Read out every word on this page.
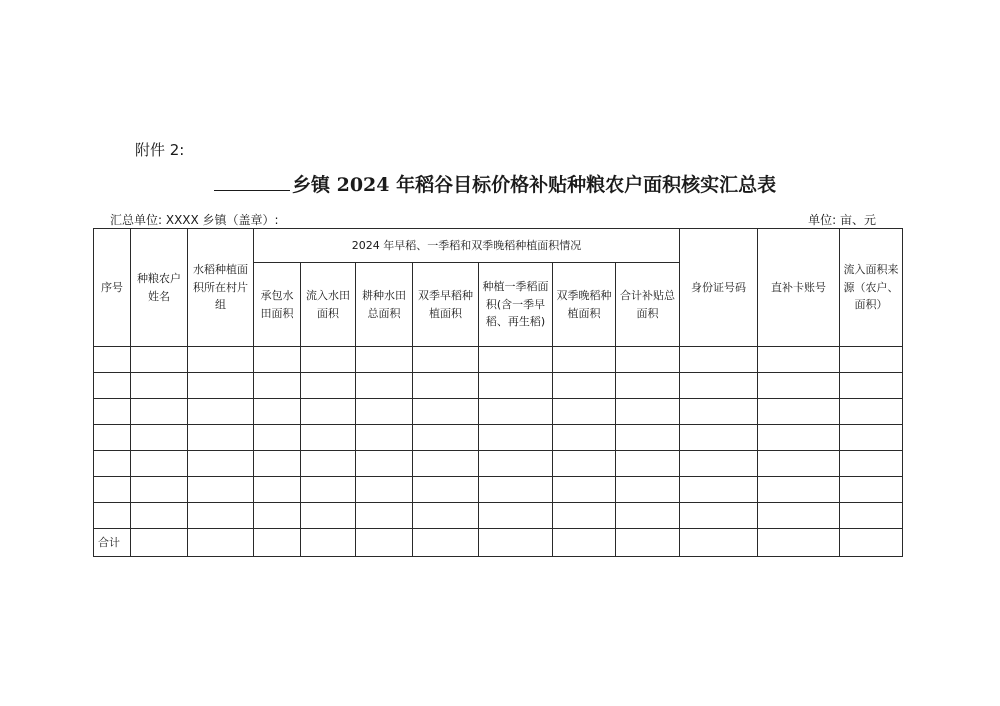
附件 2:
乡镇 2024 年稻谷目标价格补贴种粮农户面积核实汇总表
汇总单位: XXXX 乡镇（盖章）:	单位: 亩、元
序号	种粮农户姓名	水稻种植面积所在村片组	2024 年早稻、一季稻和双季晚稻种植面积情况							身份证号码	直补卡账号	流入面积来源（农户、面积）

			承包水田面积	流入水田面积	耕种水田总面积	双季早稻种植面积	种植一季稻面积(含一季早稻、再生稻)	双季晚稻种植面积	合计补贴总面积			

合计												
